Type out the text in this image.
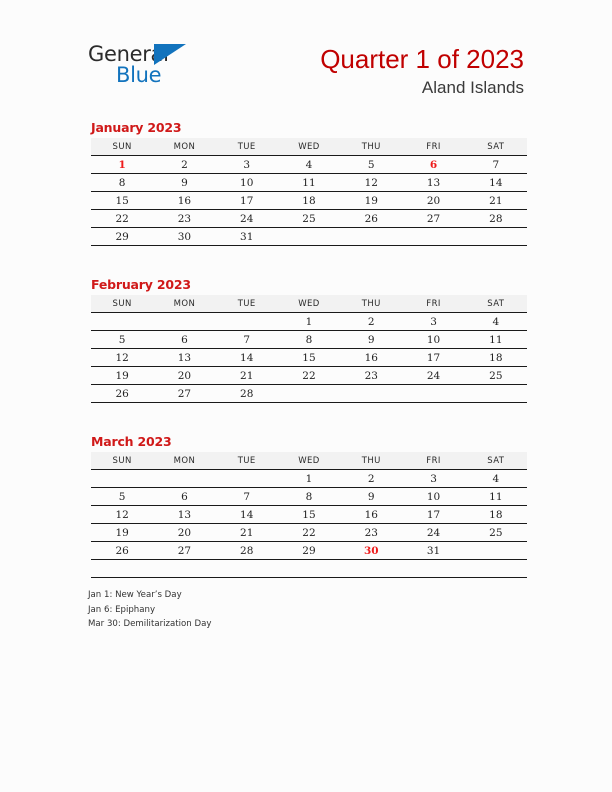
General
Blue
Quarter 1 of 2023
Aland Islands
January 2023
SUN	MON	TUE	WED	THU	FRI	SAT
1	2	3	4	5	6	7
8	9	10	11	12	13	14
15	16	17	18	19	20	21
22	23	24	25	26	27	28
29	30	31				
February 2023
SUN	MON	TUE	WED	THU	FRI	SAT
			1	2	3	4
5	6	7	8	9	10	11
12	13	14	15	16	17	18
19	20	21	22	23	24	25
26	27	28				
March 2023
SUN	MON	TUE	WED	THU	FRI	SAT
			1	2	3	4
5	6	7	8	9	10	11
12	13	14	15	16	17	18
19	20	21	22	23	24	25
26	27	28	29	30	31	

Jan 1: New Year’s Day
Jan 6: Epiphany
Mar 30: Demilitarization Day
